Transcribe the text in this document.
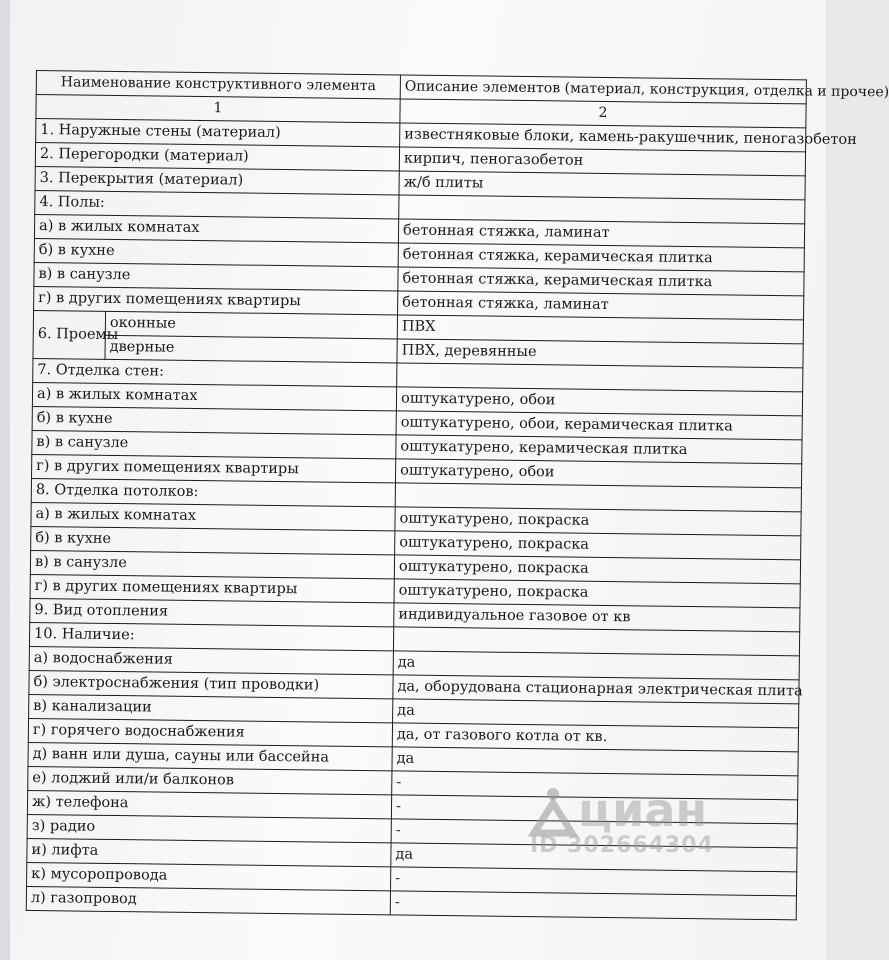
Наименование конструктивного элемента		Описание элементов (материал, конструкция, отделка и прочее)
1		2
1. Наружные стены (материал)		известняковые блоки, камень-ракушечник, пеногазобетон
2. Перегородки (материал)		кирпич, пеногазобетон
3. Перекрытия (материал)		ж/б плиты
4. Полы:		
а) в жилых комнатах		бетонная стяжка, ламинат
б) в кухне		бетонная стяжка, керамическая плитка
в) в санузле		бетонная стяжка, керамическая плитка
г) в других помещениях квартиры		бетонная стяжка, ламинат
6. Проемы	оконные	ПВХ
	дверные	ПВХ, деревянные
7. Отделка стен:		
а) в жилых комнатах		оштукатурено, обои
б) в кухне		оштукатурено, обои, керамическая плитка
в) в санузле		оштукатурено, керамическая плитка
г) в других помещениях квартиры		оштукатурено, обои
8. Отделка потолков:		
а) в жилых комнатах		оштукатурено, покраска
б) в кухне		оштукатурено, покраска
в) в санузле		оштукатурено, покраска
г) в других помещениях квартиры		оштукатурено, покраска
9. Вид отопления		индивидуальное газовое от кв
10. Наличие:		
а) водоснабжения		да
б) электроснабжения (тип проводки)		да, оборудована стационарная электрическая плита
в) канализации		да
г) горячего водоснабжения		да, от газового котла от кв.
д) ванн или душа, сауны или бассейна		да
е) лоджий или/и балконов		-
ж) телефона		-
з) радио		-
и) лифта		да
к) мусоропровода		-
л) газопровод		-
циан
ID 302664304
